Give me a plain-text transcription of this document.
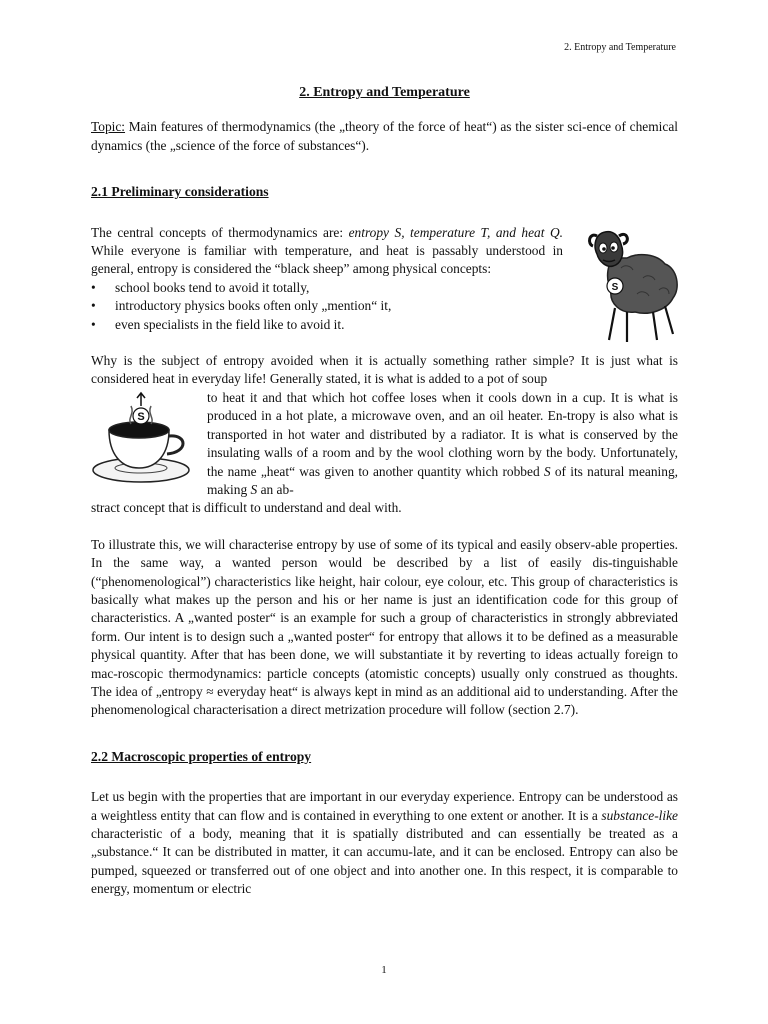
2. Entropy and Temperature

2. Entropy and Temperature

Topic: Main features of thermodynamics (the „theory of the force of heat“) as the sister sci-ence of chemical dynamics (the „science of the force of substances“).

2.1 Preliminary considerations

The central concepts of thermodynamics are: entropy S, temperature T, and heat Q. While everyone is familiar with temperature, and heat is passably understood in general, entropy is considered the “black sheep” among physical concepts:

• school books tend to avoid it totally,
• introductory physics books often only „mention“ it,
• even specialists in the field like to avoid it.
S

Why is the subject of entropy avoided when it is actually something rather simple? It is just what is considered heat in everyday life! Generally stated, it is what is added to a pot of soup

to heat it and that which hot coffee loses when it cools down in a cup. It is what is produced in a hot plate, a microwave oven, and an oil heater. En-tropy is also what is transported in hot water and distributed by a radiator. It is what is conserved by the insulating walls of a room and by the wool clothing worn by the body. Unfortunately, the name „heat“ was given to another quantity which robbed S of its natural meaning, making S an ab-

stract concept that is difficult to understand and deal with.

S

To illustrate this, we will characterise entropy by use of some of its typical and easily observ-able properties. In the same way, a wanted person would be described by a list of easily dis-tinguishable (“phenomenological”) characteristics like height, hair colour, eye colour, etc. This group of characteristics is basically what makes up the person and his or her name is just an identification code for this group of characteristics. A „wanted poster“ is an example for such a group of characteristics in strongly abbreviated form. Our intent is to design such a „wanted poster“ for entropy that allows it to be defined as a measurable physical quantity. After that has been done, we will substantiate it by reverting to ideas actually foreign to mac-roscopic thermodynamics: particle concepts (atomistic concepts) usually only construed as thoughts. The idea of „entropy ≈ everyday heat“ is always kept in mind as an additional aid to understanding. After the phenomenological characterisation a direct metrization procedure will follow (section 2.7).

2.2 Macroscopic properties of entropy

Let us begin with the properties that are important in our everyday experience. Entropy can be understood as a weightless entity that can flow and is contained in everything to one extent or another. It is a substance-like characteristic of a body, meaning that it is spatially distributed and can essentially be treated as a „substance.“ It can be distributed in matter, it can accumu-late, and it can be enclosed. Entropy can also be pumped, squeezed or transferred out of one object and into another one. In this respect, it is comparable to energy, momentum or electric

1
